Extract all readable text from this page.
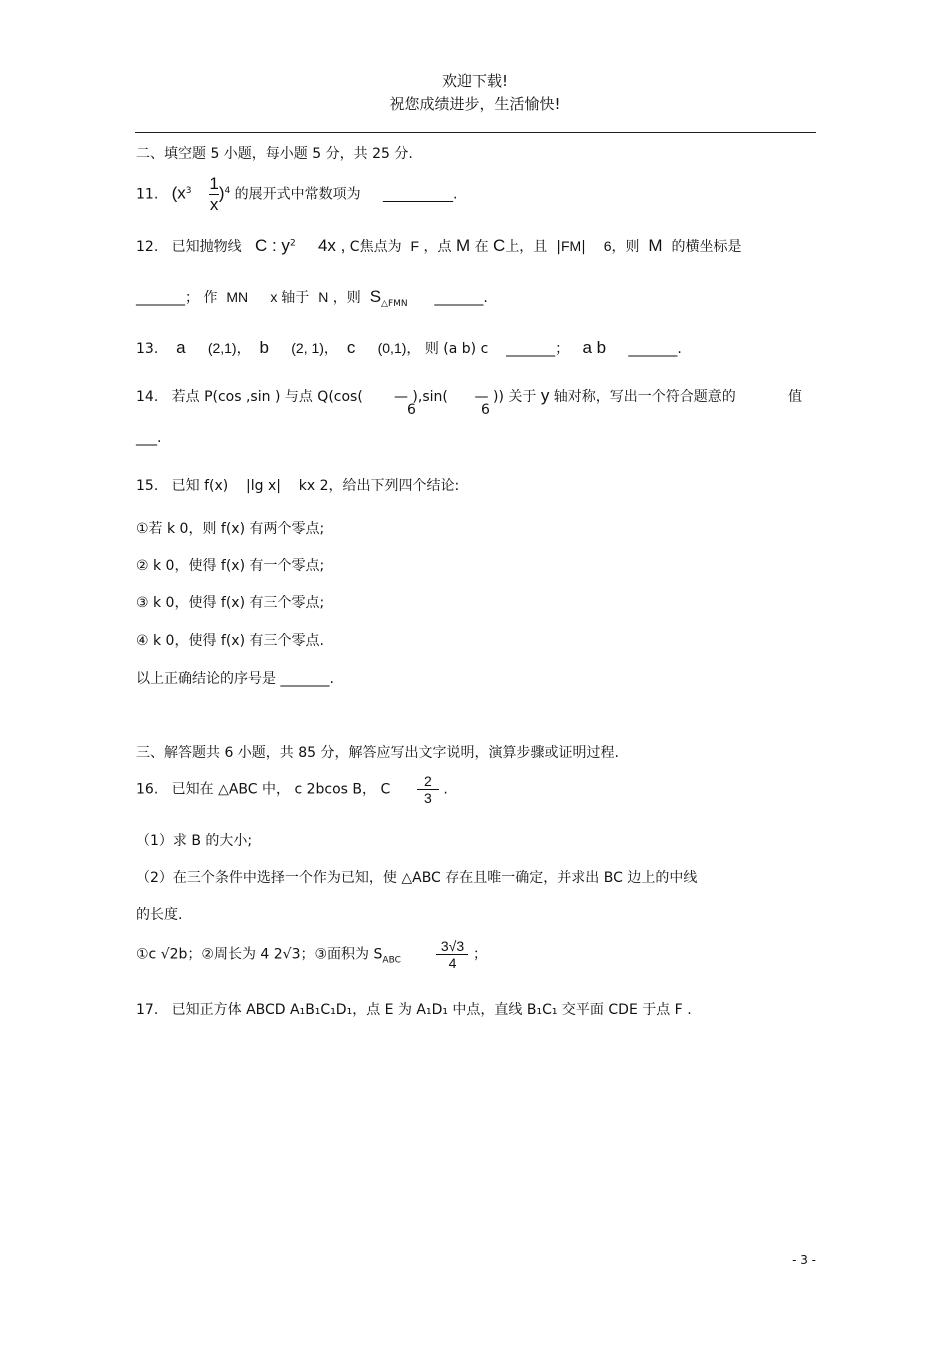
欢迎下载!
祝您成绩进步，生活愉快!
二、填空题 5 小题，每小题 5 分，共 25 分.
11. $(x^3 \frac{1}{x} )^4$ 的展开式中常数项为 __________.
12. 已知抛物线 C : $y^2$ 4x , C焦点为 F ，点 M 在 C上，且  |FM|    6，则 M 的横坐标是
_______； 作 MN x 轴于 N ，则 $S_{\triangle FMN}$ _______.
13. a (2,1)， b (2, 1)， c (0,1)， 则 (a b) c _______； a b _______.
14. 若点 P(cos ,sin ) 与点 Q(cos(       — ),sin(      — )) 关于 y 轴对称，写出一个符合题意的
6	6
值
___.
15. 已知 f(x)    |lg x|    kx 2，给出下列四个结论:
①若 k 0，则 f(x) 有两个零点;
② k 0，使得 f(x) 有一个零点;
③ k 0，使得 f(x) 有三个零点;
④ k 0，使得 f(x) 有三个零点.
以上正确结论的序号是 _______.
三、解答题共 6 小题，共 85 分，解答应写出文字说明，演算步骤或证明过程.
16. 已知在 △ABC 中， c 2bcos B， C $\frac{2}{3}$ .
（1）求 B 的大小;
（2）在三个条件中选择一个作为已知，使 △ABC 存在且唯一确定，并求出 BC 边上的中线
的长度.
①c √2b；②周长为 4 2√3；③面积为 $S_{ABC}$	$\frac{3√3}{4}$ ；
17. 已知正方体 ABCD A₁B₁C₁D₁，点 E 为 A₁D₁ 中点，直线 B₁C₁ 交平面 CDE 于点 F .
- 3 -
